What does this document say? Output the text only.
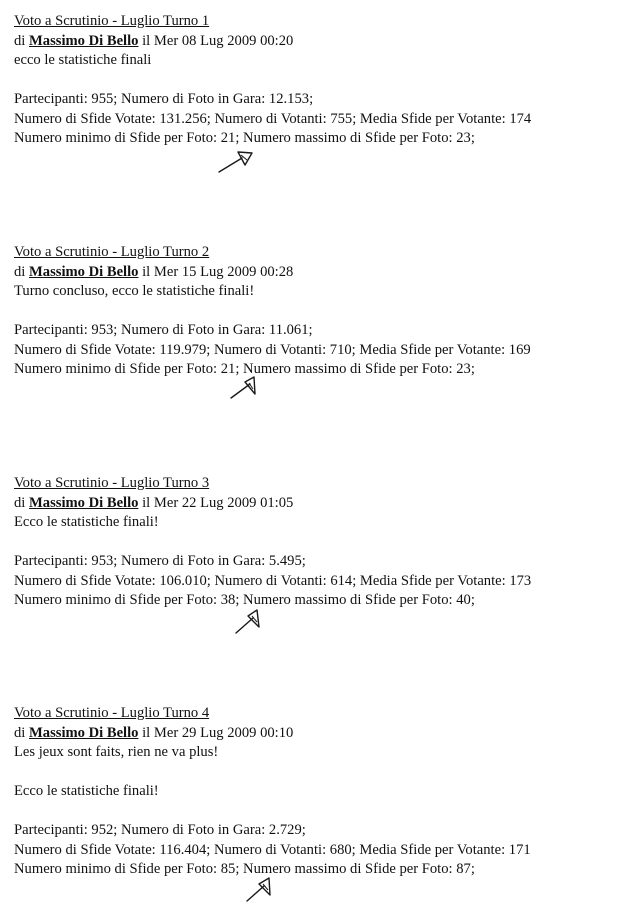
Voto a Scrutinio - Luglio Turno 1
di Massimo Di Bello il Mer 08 Lug 2009 00:20
ecco le statistiche finali
Partecipanti: 955; Numero di Foto in Gara: 12.153;
Numero di Sfide Votate: 131.256; Numero di Votanti: 755; Media Sfide per Votante: 174
Numero minimo di Sfide per Foto: 21; Numero massimo di Sfide per Foto: 23;
Voto a Scrutinio - Luglio Turno 2
di Massimo Di Bello il Mer 15 Lug 2009 00:28
Turno concluso, ecco le statistiche finali!
Partecipanti: 953; Numero di Foto in Gara: 11.061;
Numero di Sfide Votate: 119.979; Numero di Votanti: 710; Media Sfide per Votante: 169
Numero minimo di Sfide per Foto: 21; Numero massimo di Sfide per Foto: 23;
Voto a Scrutinio - Luglio Turno 3
di Massimo Di Bello il Mer 22 Lug 2009 01:05
Ecco le statistiche finali!
Partecipanti: 953; Numero di Foto in Gara: 5.495;
Numero di Sfide Votate: 106.010; Numero di Votanti: 614; Media Sfide per Votante: 173
Numero minimo di Sfide per Foto: 38; Numero massimo di Sfide per Foto: 40;
Voto a Scrutinio - Luglio Turno 4
di Massimo Di Bello il Mer 29 Lug 2009 00:10
Les jeux sont faits, rien ne va plus!
Ecco le statistiche finali!
Partecipanti: 952; Numero di Foto in Gara: 2.729;
Numero di Sfide Votate: 116.404; Numero di Votanti: 680; Media Sfide per Votante: 171
Numero minimo di Sfide per Foto: 85; Numero massimo di Sfide per Foto: 87;
